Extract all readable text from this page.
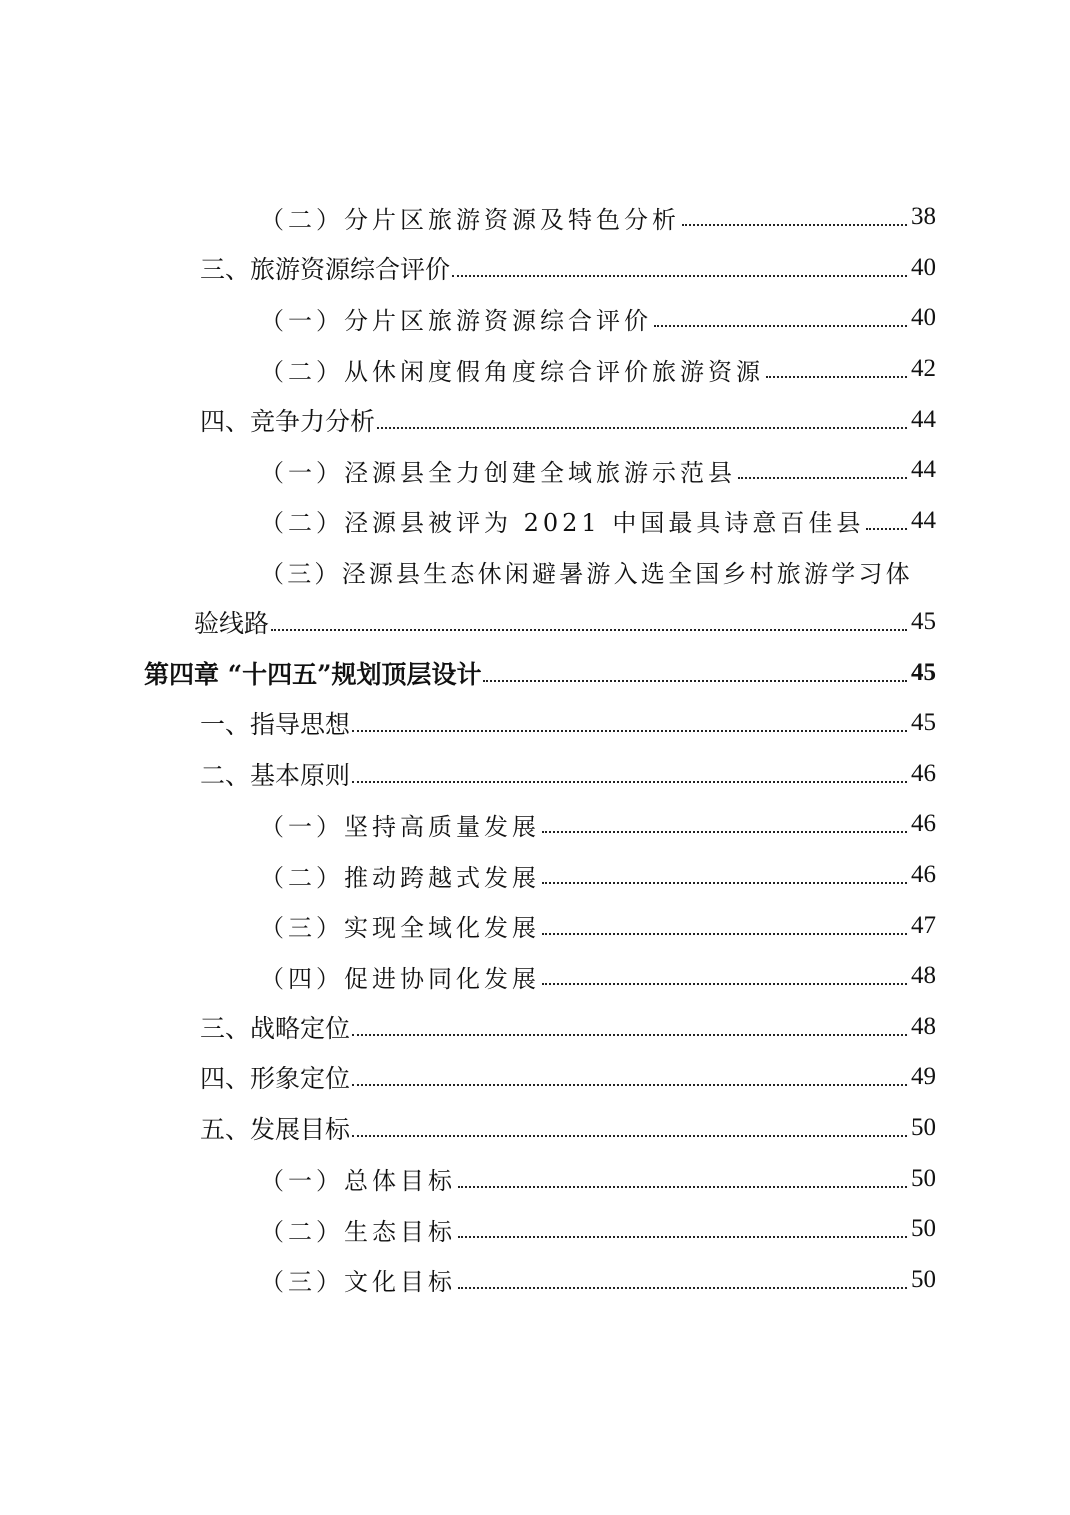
（二）分片区旅游资源及特色分析	38
三、旅游资源综合评价	40
（一）分片区旅游资源综合评价	40
（二）从休闲度假角度综合评价旅游资源	42
四、竞争力分析	44
（一）泾源县全力创建全域旅游示范县	44
（二）泾源县被评为 2021 中国最具诗意百佳县 44
（三）泾源县生态休闲避暑游入选全国乡村旅游学习体
验线路	45
第四章 “十四五”规划顶层设计	45
一、指导思想	45
二、基本原则	46
（一）坚持高质量发展	46
（二）推动跨越式发展	46
（三）实现全域化发展	47
（四）促进协同化发展	48
三、战略定位	48
四、形象定位	49
五、发展目标	50
（一）总体目标	50
（二）生态目标	50
（三）文化目标	50
